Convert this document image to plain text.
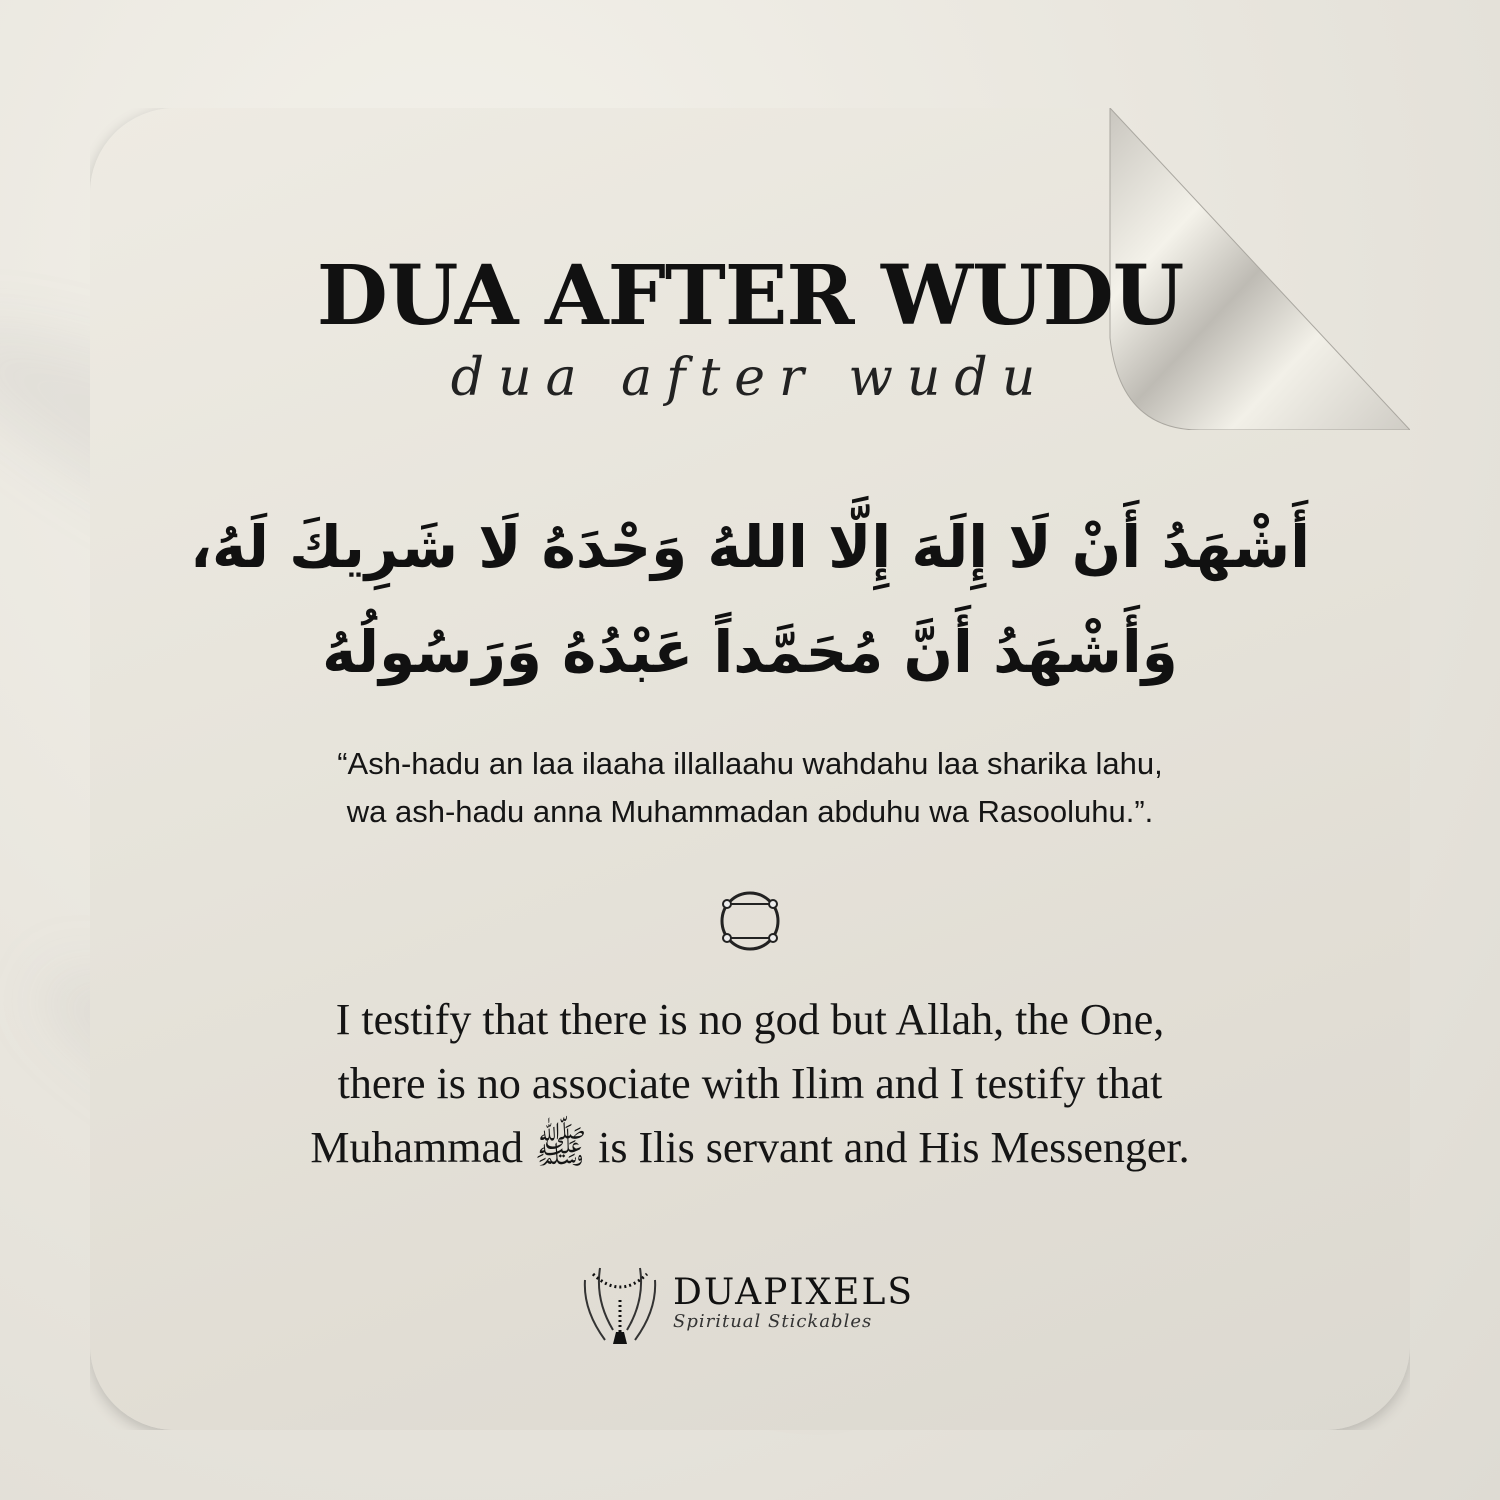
DUA AFTER WUDU
dua after wudu
أَشْهَدُ أَنْ لَا إِلَهَ إِلَّا اللهُ وَحْدَهُ لَا شَرِيكَ لَهُ،
وَأَشْهَدُ أَنَّ مُحَمَّداً عَبْدُهُ وَرَسُولُهُ
“Ash-hadu an laa ilaaha illallaahu wahdahu laa sharika lahu,
wa ash-hadu anna Muhammadan abduhu wa Rasooluhu.”.
I testify that there is no god but Allah, the One,
there is no associate with Ilim and I testify that
Muhammad ﷺ is Ilis servant and His Messenger.
DUAPIXELS
Spiritual Stickables
